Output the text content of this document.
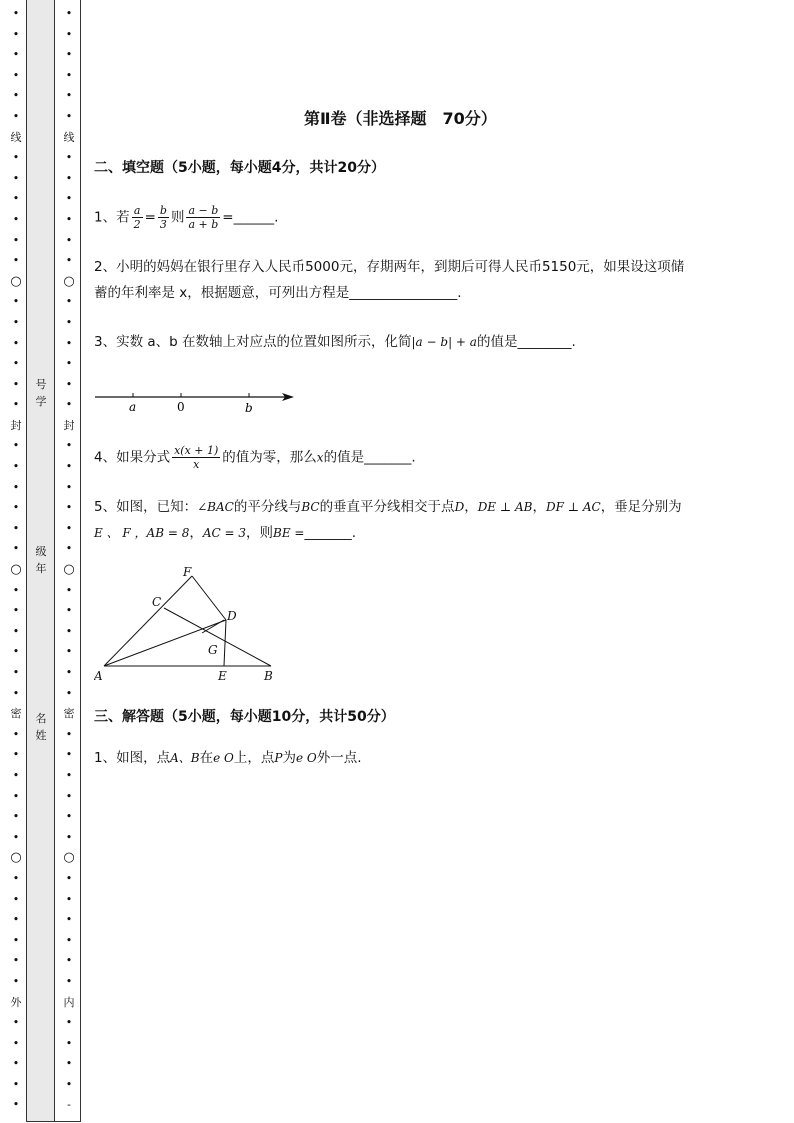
•
•
•
•
•
•
线
•
•
•
•
•
•
○
•
•
•
•
•
•
封
•
•
•
•
•
•
○
•
•
•
•
•
•
密
•
•
•
•
•
•
○
•
•
•
•
•
•
外
•
•
•
•
•
•
•
•
•
•
•
线
•
•
•
•
•
•
○
•
•
•
•
•
•
封
•
•
•
•
•
•
○
•
•
•
•
•
•
密
•
•
•
•
•
•
○
•
•
•
•
•
•
内
•
•
•
•
-
号
学
级
年
名
姓
第Ⅱ卷（非选择题　70分）
二、填空题（5小题，每小题4分，共计20分）
1、若 $\frac{a}{2} = \frac{b}{3}$ 则 $\frac{a - b}{a + b}$ =______.
2、小明的妈妈在银行里存入人民币5000元，存期两年，到期后可得人民币5150元，如果设这项储
蓄的年利率是 x，根据题意，可列出方程是________________.
3、实数 a、b 在数轴上对应点的位置如图所示，化简|a − b| + a的值是________.
a	0	b
4、如果分式 $\frac{x(x + 1)}{x}$ 的值为零，那么x的值是_______.
5、如图，已知：∠BAC的平分线与BC的垂直平分线相交于点D，DE ⊥ AB，DF ⊥ AC，垂足分别为
E 、 F ，AB = 8，AC = 3，则BE =_______.
F
C
D
G
A	E	B
三、解答题（5小题，每小题10分，共计50分）
1、如图，点A、B在e O上，点P为e O外一点.
